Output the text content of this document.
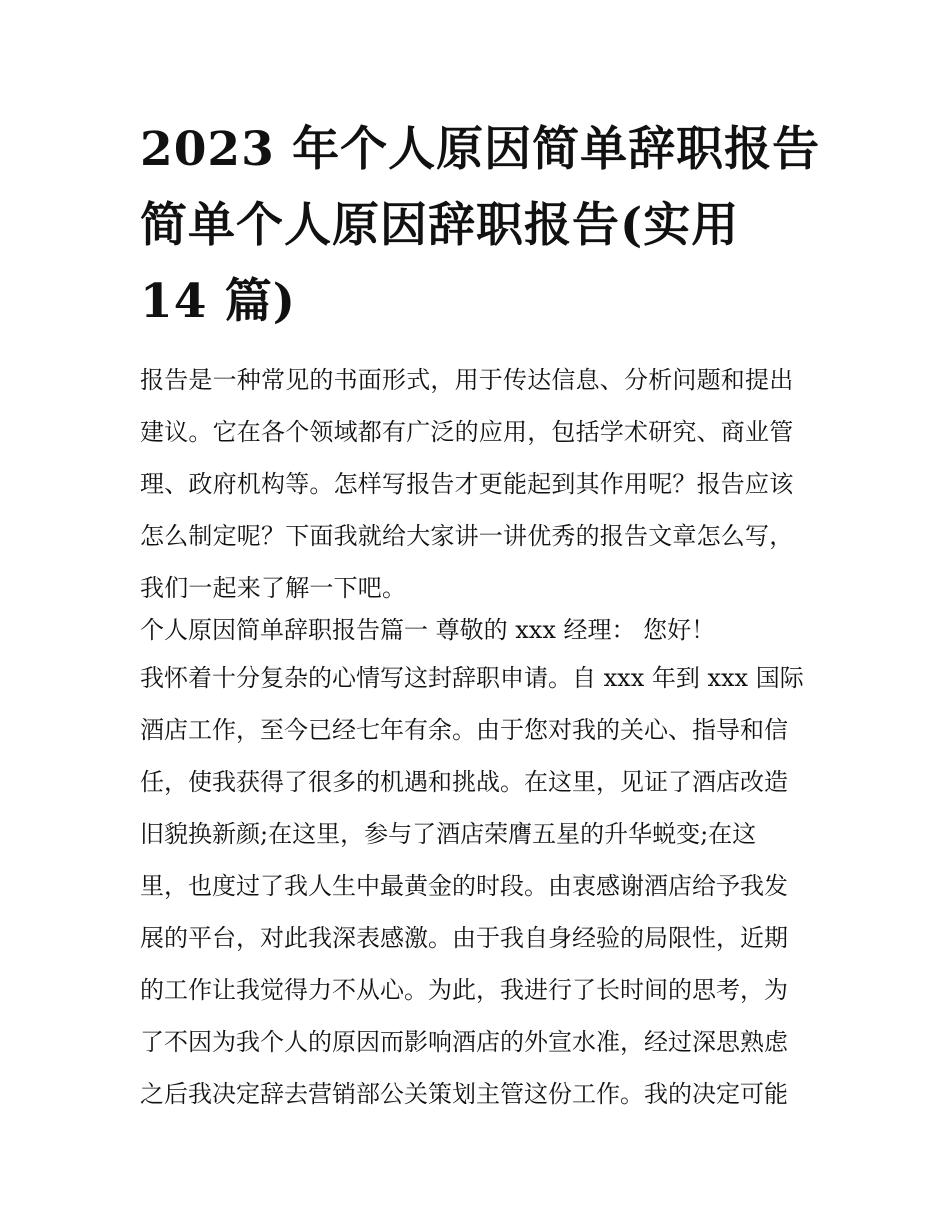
2023 年个人原因简单辞职报告
简单个人原因辞职报告(实用
14 篇)
报告是一种常见的书面形式，用于传达信息、分析问题和提出
建议。它在各个领域都有广泛的应用，包括学术研究、商业管
理、政府机构等。怎样写报告才更能起到其作用呢？报告应该
怎么制定呢？下面我就给大家讲一讲优秀的报告文章怎么写，
我们一起来了解一下吧。
个人原因简单辞职报告篇一 尊敬的 xxx 经理： 您好！
我怀着十分复杂的心情写这封辞职申请。自 xxx 年到 xxx 国际
酒店工作，至今已经七年有余。由于您对我的关心、指导和信
任，使我获得了很多的机遇和挑战。在这里，见证了酒店改造
旧貌换新颜;在这里，参与了酒店荣膺五星的升华蜕变;在这
里，也度过了我人生中最黄金的时段。由衷感谢酒店给予我发
展的平台，对此我深表感激。由于我自身经验的局限性，近期
的工作让我觉得力不从心。为此，我进行了长时间的思考，为
了不因为我个人的原因而影响酒店的外宣水准，经过深思熟虑
之后我决定辞去营销部公关策划主管这份工作。我的决定可能
